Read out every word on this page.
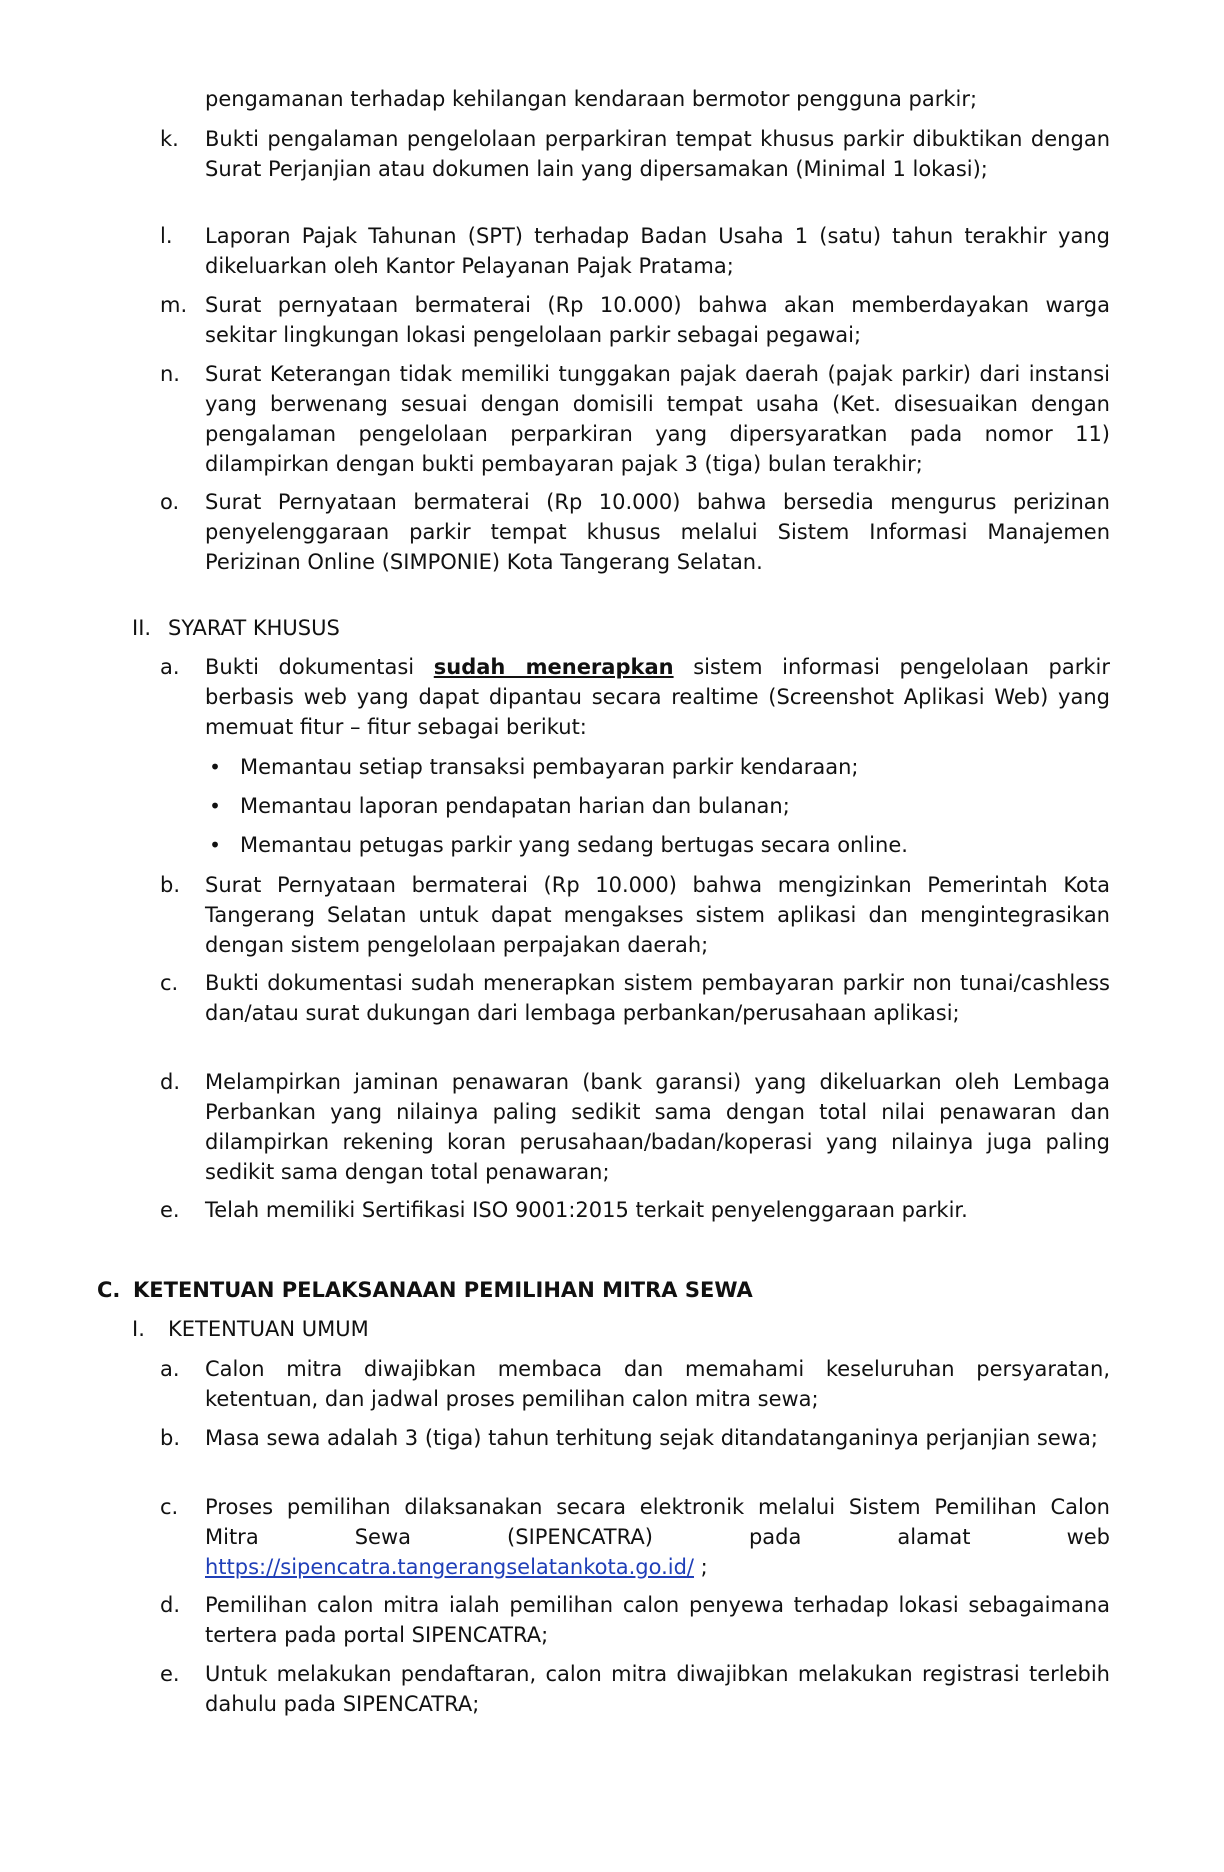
pengamanan terhadap kehilangan kendaraan bermotor pengguna parkir;

k.	Bukti pengalaman pengelolaan perparkiran tempat khusus parkir dibuktikan dengan Surat Perjanjian atau dokumen lain yang dipersamakan (Minimal 1 lokasi);
l.	Laporan Pajak Tahunan (SPT) terhadap Badan Usaha 1 (satu) tahun terakhir yang dikeluarkan oleh Kantor Pelayanan Pajak Pratama;
m. Surat pernyataan bermaterai (Rp 10.000) bahwa akan memberdayakan warga sekitar lingkungan lokasi pengelolaan parkir sebagai pegawai;
n.	Surat Keterangan tidak memiliki tunggakan pajak daerah (pajak parkir) dari instansi yang berwenang sesuai dengan domisili tempat usaha (Ket. disesuaikan dengan pengalaman pengelolaan perparkiran yang dipersyaratkan pada nomor 11) dilampirkan dengan bukti pembayaran pajak 3 (tiga) bulan terakhir;
o.	Surat Pernyataan bermaterai (Rp 10.000) bahwa bersedia mengurus perizinan penyelenggaraan parkir tempat khusus melalui Sistem Informasi Manajemen Perizinan Online (SIMPONIE) Kota Tangerang Selatan.
II. SYARAT KHUSUS
a.	Bukti dokumentasi sudah menerapkan sistem informasi pengelolaan parkir berbasis web yang dapat dipantau secara realtime (Screenshot Aplikasi Web) yang memuat fitur – fitur sebagai berikut:
• Memantau setiap transaksi pembayaran parkir kendaraan;
• Memantau laporan pendapatan harian dan bulanan;
• Memantau petugas parkir yang sedang bertugas secara online.
b.	Surat Pernyataan bermaterai (Rp 10.000) bahwa mengizinkan Pemerintah Kota Tangerang Selatan untuk dapat mengakses sistem aplikasi dan mengintegrasikan dengan sistem pengelolaan perpajakan daerah;
c.	Bukti dokumentasi sudah menerapkan sistem pembayaran parkir non tunai/cashless dan/atau surat dukungan dari lembaga perbankan/perusahaan aplikasi;
d.	Melampirkan jaminan penawaran (bank garansi) yang dikeluarkan oleh Lembaga Perbankan yang nilainya paling sedikit sama dengan total nilai penawaran dan dilampirkan rekening koran perusahaan/badan/koperasi yang nilainya juga paling sedikit sama dengan total penawaran;
e.	Telah memiliki Sertifikasi ISO 9001:2015 terkait penyelenggaraan parkir.
C. KETENTUAN PELAKSANAAN PEMILIHAN MITRA SEWA
I. KETENTUAN UMUM
a.	Calon mitra diwajibkan membaca dan memahami keseluruhan persyaratan, ketentuan, dan jadwal proses pemilihan calon mitra sewa;
b.	Masa sewa adalah 3 (tiga) tahun terhitung sejak ditandatanganinya perjanjian sewa;
c.	Proses pemilihan dilaksanakan secara elektronik melalui Sistem Pemilihan Calon Mitra Sewa (SIPENCATRA) pada alamat web https://sipencatra.tangerangselatankota.go.id/ ;
d.	Pemilihan calon mitra ialah pemilihan calon penyewa terhadap lokasi sebagaimana tertera pada portal SIPENCATRA;
e.	Untuk melakukan pendaftaran, calon mitra diwajibkan melakukan registrasi terlebih dahulu pada SIPENCATRA;
